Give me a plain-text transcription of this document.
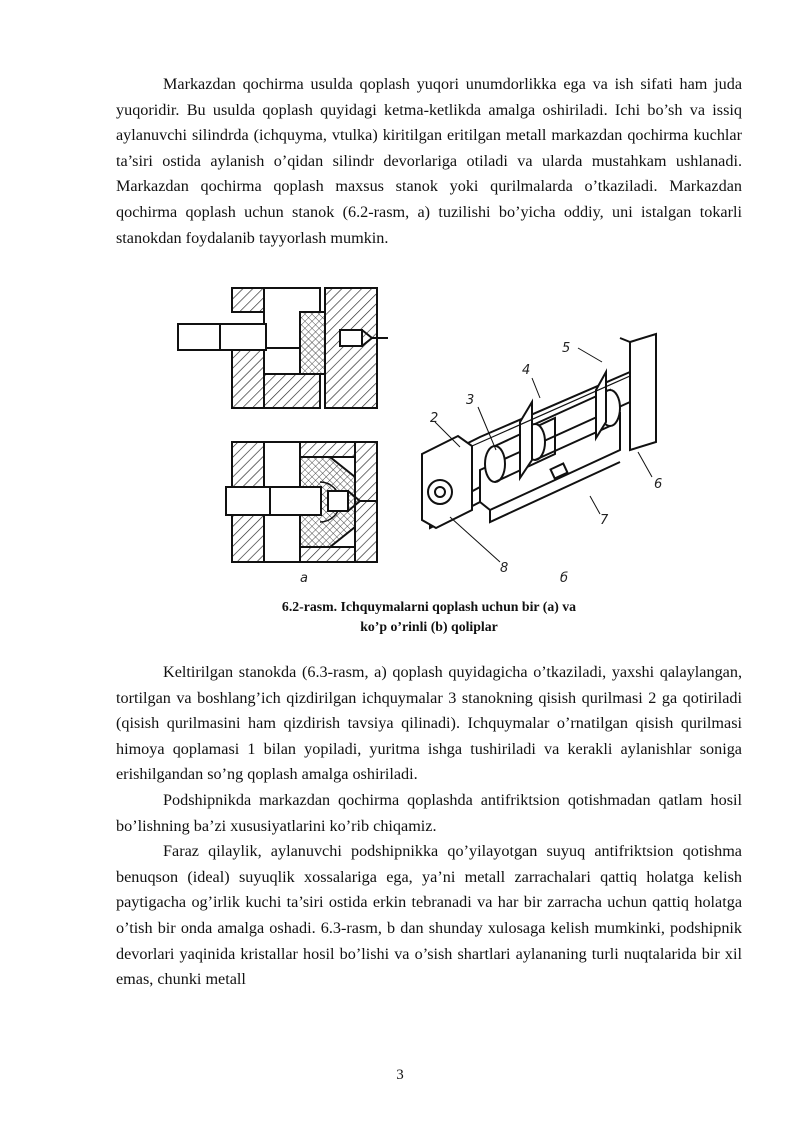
Markazdan qochirma usulda qoplash yuqori unumdorlikka ega va ish sifati ham juda yuqoridir. Bu usulda qoplash quyidagi ketma-ketlikda amalga oshiriladi. Ichi bo’sh va issiq aylanuvchi silindrda (ichquyma, vtulka) kiritilgan eritilgan metall markazdan qochirma kuchlar ta’siri ostida aylanish o’qidan silindr devorlariga otiladi va ularda mustahkam ushlanadi. Markazdan qochirma qoplash maxsus stanok yoki qurilmalarda o’tkaziladi. Markazdan qochirma qoplash uchun stanok (6.2-rasm, a) tuzilishi bo’yicha oddiy, uni istalgan tokarli stanokdan foydalanib tayyorlash mumkin.

а	б
2
3
4
5
6
7
8
6.2-rasm. Ichquymalarni qoplash uchun bir (a) va
ko’p o’rinli (b) qoliplar

Keltirilgan stanokda (6.3-rasm, a) qoplash quyidagicha o’tkaziladi, yaxshi qalaylangan, tortilgan va boshlang’ich qizdirilgan ichquymalar 3 stanokning qisish qurilmasi 2 ga qotiriladi (qisish qurilmasini ham qizdirish tavsiya qilinadi). Ichquymalar o’rnatilgan qisish qurilmasi himoya qoplamasi 1 bilan yopiladi, yuritma ishga tushiriladi va kerakli aylanishlar soniga erishilgandan so’ng qoplash amalga oshiriladi.

Podshipnikda markazdan qochirma qoplashda antifriktsion qotishmadan qatlam hosil bo’lishning ba’zi xususiyatlarini ko’rib chiqamiz.

Faraz qilaylik, aylanuvchi podshipnikka qo’yilayotgan suyuq antifriktsion qotishma benuqson (ideal) suyuqlik xossalariga ega, ya’ni metall zarrachalari qattiq holatga kelish paytigacha og’irlik kuchi ta’siri ostida erkin tebranadi va har bir zarracha uchun qattiq holatga o’tish bir onda amalga oshadi. 6.3-rasm, b dan shunday xulosaga kelish mumkinki, podshipnik devorlari yaqinida kristallar hosil bo’lishi va o’sish shartlari aylananing turli nuqtalarida bir xil emas, chunki metall

3
